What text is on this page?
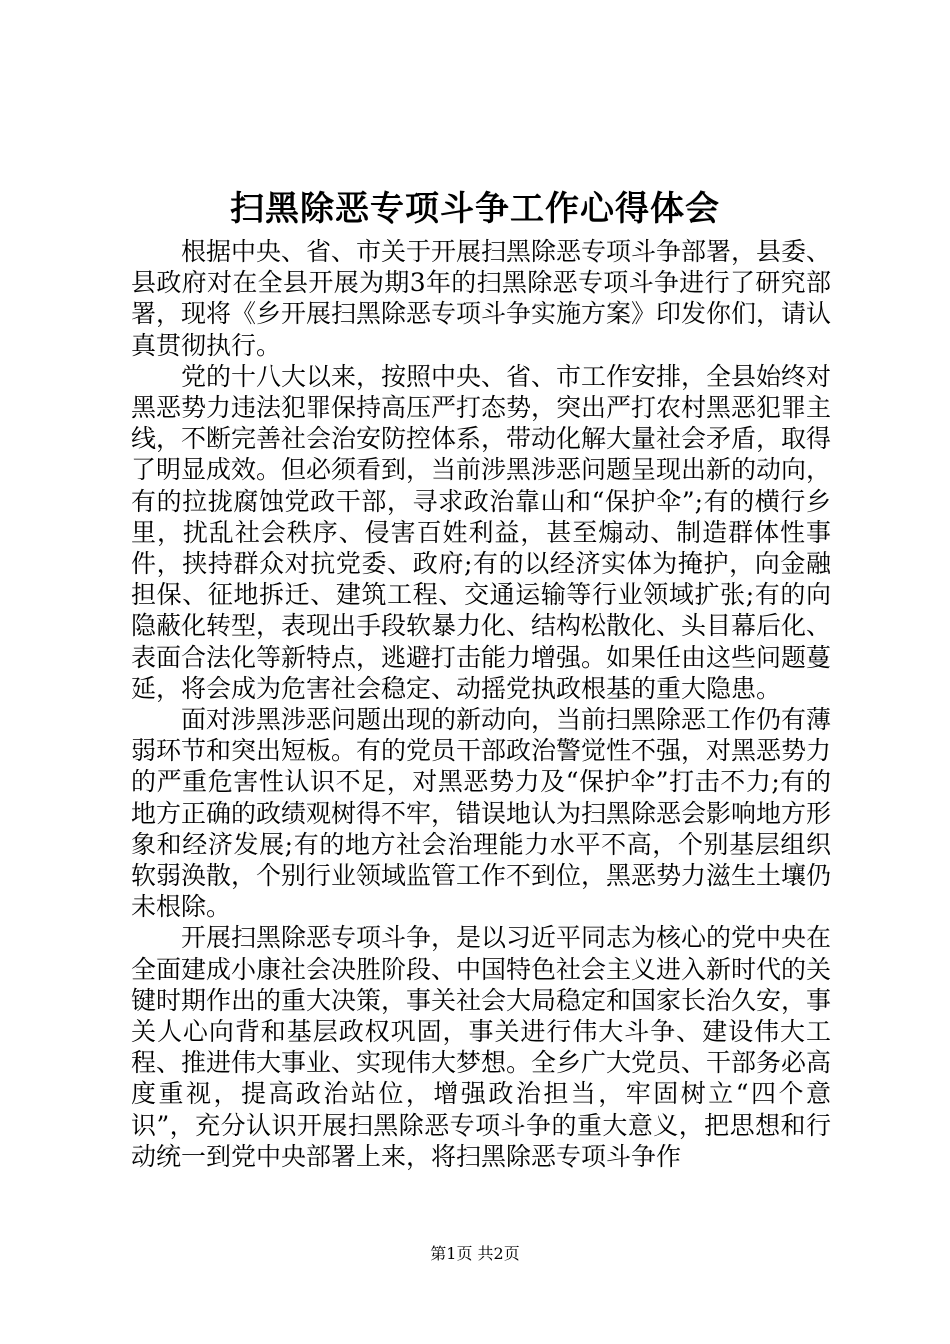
扫黑除恶专项斗争工作心得体会

根据中央、省、市关于开展扫黑除恶专项斗争部署，县委、县政府对在全县开展为期3年的扫黑除恶专项斗争进行了研究部署，现将《乡开展扫黑除恶专项斗争实施方案》印发你们，请认真贯彻执行。

党的十八大以来，按照中央、省、市工作安排，全县始终对黑恶势力违法犯罪保持高压严打态势，突出严打农村黑恶犯罪主线，不断完善社会治安防控体系，带动化解大量社会矛盾，取得了明显成效。但必须看到，当前涉黑涉恶问题呈现出新的动向，有的拉拢腐蚀党政干部，寻求政治靠山和“保护伞”;有的横行乡里，扰乱社会秩序、侵害百姓利益，甚至煽动、制造群体性事件，挟持群众对抗党委、政府;有的以经济实体为掩护，向金融担保、征地拆迁、建筑工程、交通运输等行业领域扩张;有的向隐蔽化转型，表现出手段软暴力化、结构松散化、头目幕后化、表面合法化等新特点，逃避打击能力增强。如果任由这些问题蔓延，将会成为危害社会稳定、动摇党执政根基的重大隐患。

面对涉黑涉恶问题出现的新动向，当前扫黑除恶工作仍有薄弱环节和突出短板。有的党员干部政治警觉性不强，对黑恶势力的严重危害性认识不足，对黑恶势力及“保护伞”打击不力;有的地方正确的政绩观树得不牢，错误地认为扫黑除恶会影响地方形象和经济发展;有的地方社会治理能力水平不高，个别基层组织软弱涣散，个别行业领域监管工作不到位，黑恶势力滋生土壤仍未根除。

开展扫黑除恶专项斗争，是以习近平同志为核心的党中央在全面建成小康社会决胜阶段、中国特色社会主义进入新时代的关键时期作出的重大决策，事关社会大局稳定和国家长治久安，事关人心向背和基层政权巩固，事关进行伟大斗争、建设伟大工程、推进伟大事业、实现伟大梦想。全乡广大党员、干部务必高度重视，提高政治站位，增强政治担当，牢固树立“四个意识”，充分认识开展扫黑除恶专项斗争的重大意义，把思想和行动统一到党中央部署上来，将扫黑除恶专项斗争作

第1页 共2页
